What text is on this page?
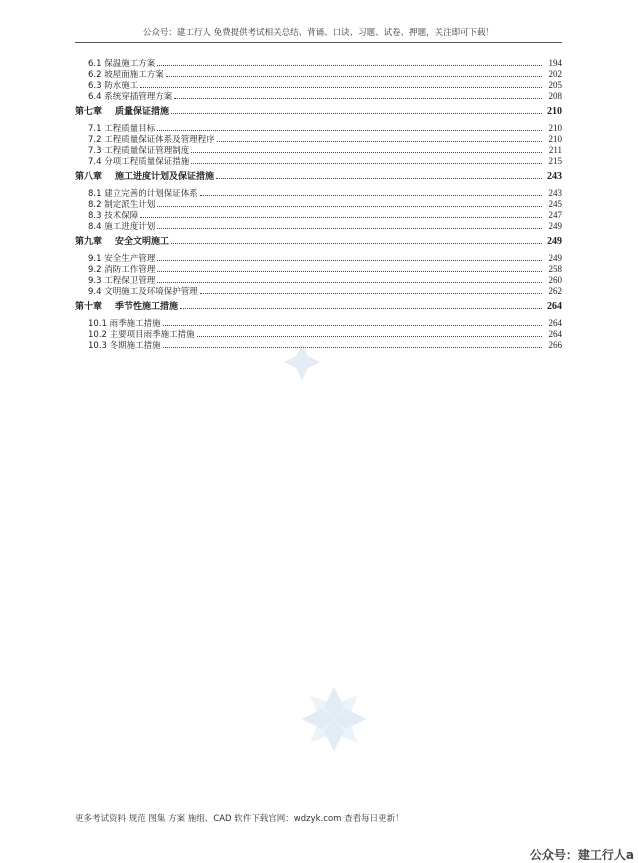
公众号：建工行人 免费提供考试相关总结、背诵、口诀、习题、试卷、押题，关注即可下载！
6.1 保温施工方案	194
6.2 坡屋面施工方案	202
6.3 防水施工	205
6.4 系统穿插管理方案	208
第七章 质量保证措施	210
7.1 工程质量目标	210
7.2 工程质量保证体系及管理程序	210
7.3 工程质量保证管理制度	211
7.4 分项工程质量保证措施	215
第八章 施工进度计划及保证措施	243
8.1 建立完善的计划保证体系	243
8.2 制定派生计划	245
8.3 技术保障	247
8.4 施工进度计划	249
第九章 安全文明施工	249
9.1 安全生产管理	249
9.2 消防工作管理	258
9.3 工程保卫管理	260
9.4 文明施工及环境保护管理	262
第十章 季节性施工措施	264
10.1 雨季施工措施	264
10.2 主要项目雨季施工措施	264
10.3 冬期施工措施	266
更多考试资料 规范 图集 方案 施组、CAD 软件下载官网：wdzyk.com 查看每日更新！
公众号：建工行人a
